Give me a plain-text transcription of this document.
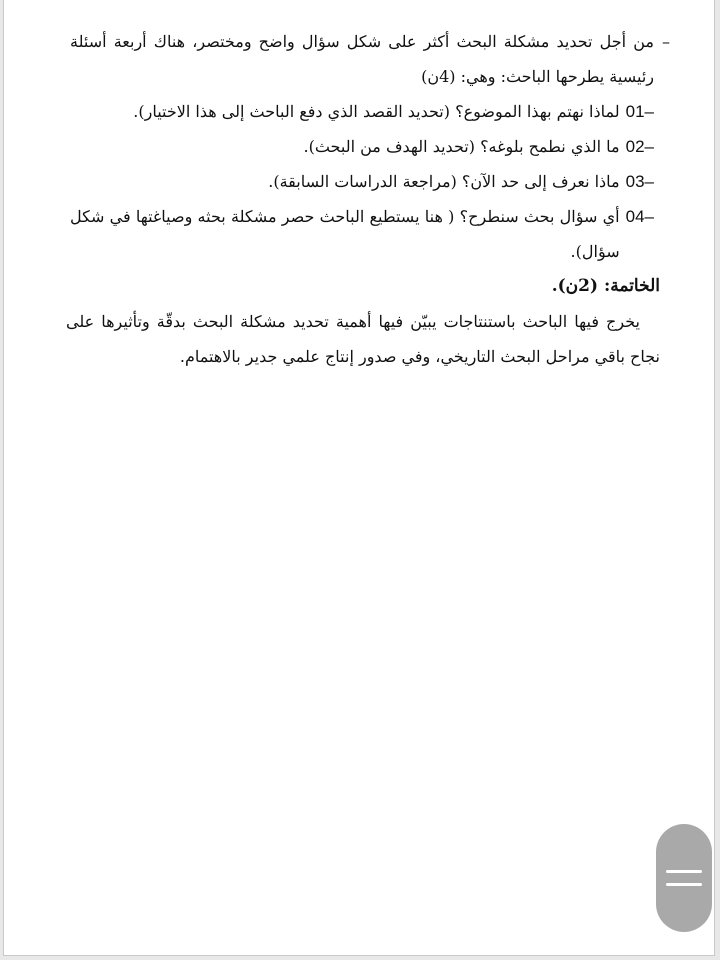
–
من أجل تحديد مشكلة البحث أكثر على شكل سؤال واضح ومختصر، هناك أربعة أسئلة رئيسية يطرحها الباحث: وهي: (4ن)
01–
لماذا نهتم بهذا الموضوع؟ (تحديد القصد الذي دفع الباحث إلى هذا الاختيار).
02–
ما الذي نطمح بلوغه؟ (تحديد الهدف من البحث).
03–
ماذا نعرف إلى حد الآن؟ (مراجعة الدراسات السابقة).
04–
أي سؤال بحث سنطرح؟ ( هنا يستطيع الباحث حصر مشكلة بحثه وصياغتها في شكل سؤال).
الخاتمة: (2ن).
يخرج فيها الباحث باستنتاجات يبيّن فيها أهمية تحديد مشكلة البحث بدقّة وتأثيرها على نجاح باقي مراحل البحث التاريخي، وفي صدور إنتاج علمي جدير بالاهتمام.
